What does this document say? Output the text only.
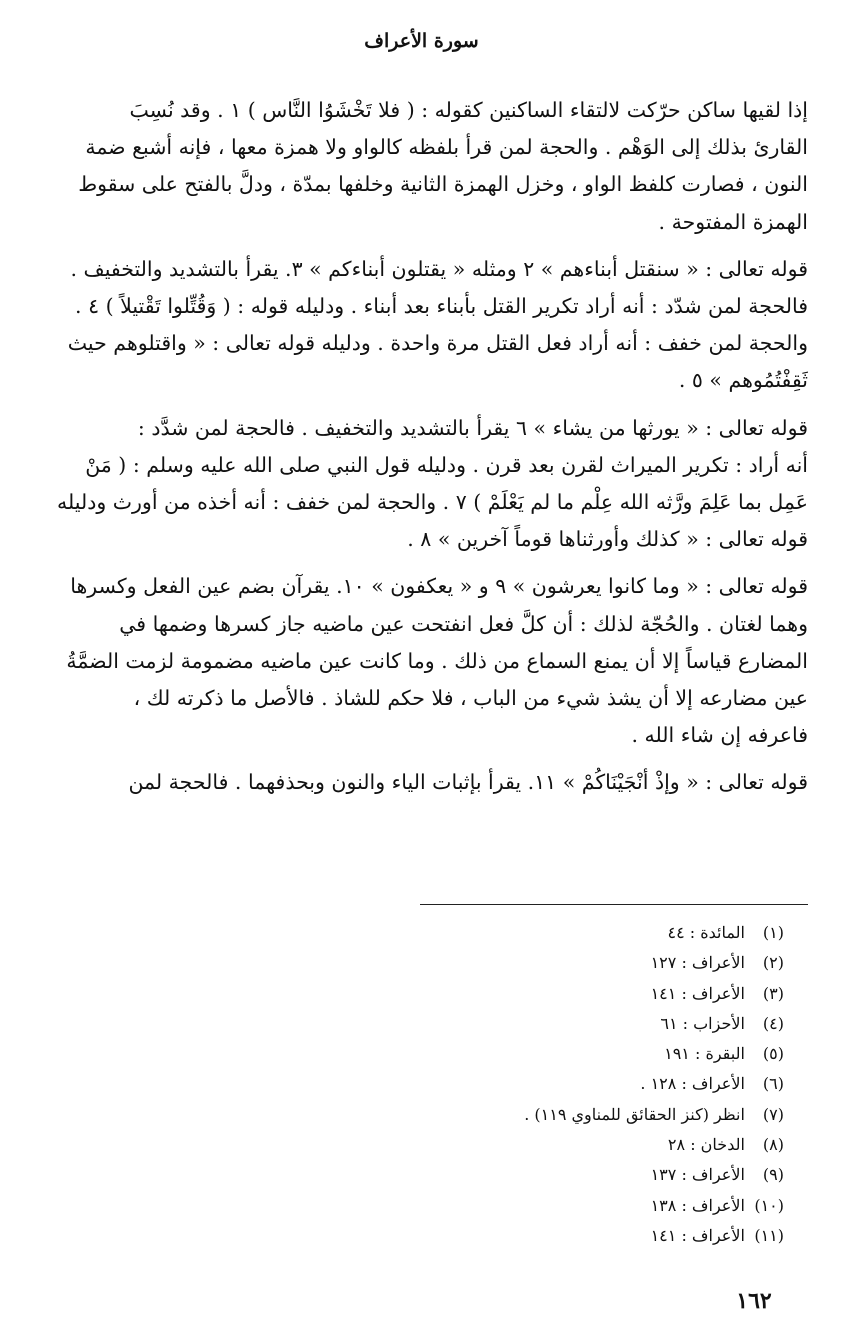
سورة الأعراف
إذا لقيها ساكن حرّكت لالتقاء الساكنين كقوله : ( فلا تَخْشَوُا النَّاس ) ١ . وقد نُسِبَ
القارئ بذلك إلى الوَهْم . والحجة لمن قرأ بلفظه كالواو ولا همزة معها ، فإنه أشبع ضمة
النون ، فصارت كلفظ الواو ، وخزل الهمزة الثانية وخلفها بمدّة ، ودلَّ بالفتح على سقوط
الهمزة المفتوحة .
قوله تعالى : « سنقتل أبناءهم » ٢ ومثله « يقتلون أبناءكم » ٣. يقرأ بالتشديد والتخفيف .
فالحجة لمن شدّد : أنه أراد تكرير القتل بأبناء بعد أبناء . ودليله قوله : ( وَقُتِّلوا تَقْتيلاً ) ٤ .
والحجة لمن خفف : أنه أراد فعل القتل مرة واحدة . ودليله قوله تعالى : « واقتلوهم حيث
ثَقِفْتُمُوهم » ٥ .
قوله تعالى : « يورثها من يشاء » ٦ يقرأ بالتشديد والتخفيف . فالحجة لمن شدَّد :
أنه أراد : تكرير الميراث لقرن بعد قرن . ودليله قول النبي صلى الله عليه وسلم : ( مَنْ
عَمِل بما عَلِمَ ورَّثه الله عِلْم ما لم يَعْلَمْ ) ٧ . والحجة لمن خفف : أنه أخذه من أورث ودليله
قوله تعالى : « كذلك وأورثناها قوماً آخرين » ٨ .
قوله تعالى : « وما كانوا يعرشون » ٩ و « يعكفون » ١٠. يقرآن بضم عين الفعل وكسرها
وهما لغتان . والحُجّة لذلك : أن كلَّ فعل انفتحت عين ماضيه جاز كسرها وضمها في
المضارع قياساً إلا أن يمنع السماع من ذلك . وما كانت عين ماضيه مضمومة لزمت الضمَّةُ
عين مضارعه إلا أن يشذ شيء من الباب ، فلا حكم للشاذ . فالأصل ما ذكرته لك ،
فاعرفه إن شاء الله .
قوله تعالى : « وإذْ أنْجَيْنَاكُمْ » ١١. يقرأ بإثبات الياء والنون وبحذفهما . فالحجة لمن
(١) المائدة : ٤٤
(٢) الأعراف : ١٢٧
(٣) الأعراف : ١٤١
(٤) الأحزاب : ٦١
(٥) البقرة : ١٩١
(٦) الأعراف : ١٢٨ .
(٧) انظر (كنز الحقائق للمناوي ١١٩) .
(٨) الدخان : ٢٨
(٩) الأعراف : ١٣٧
(١٠) الأعراف : ١٣٨
(١١) الأعراف : ١٤١
١٦٢
